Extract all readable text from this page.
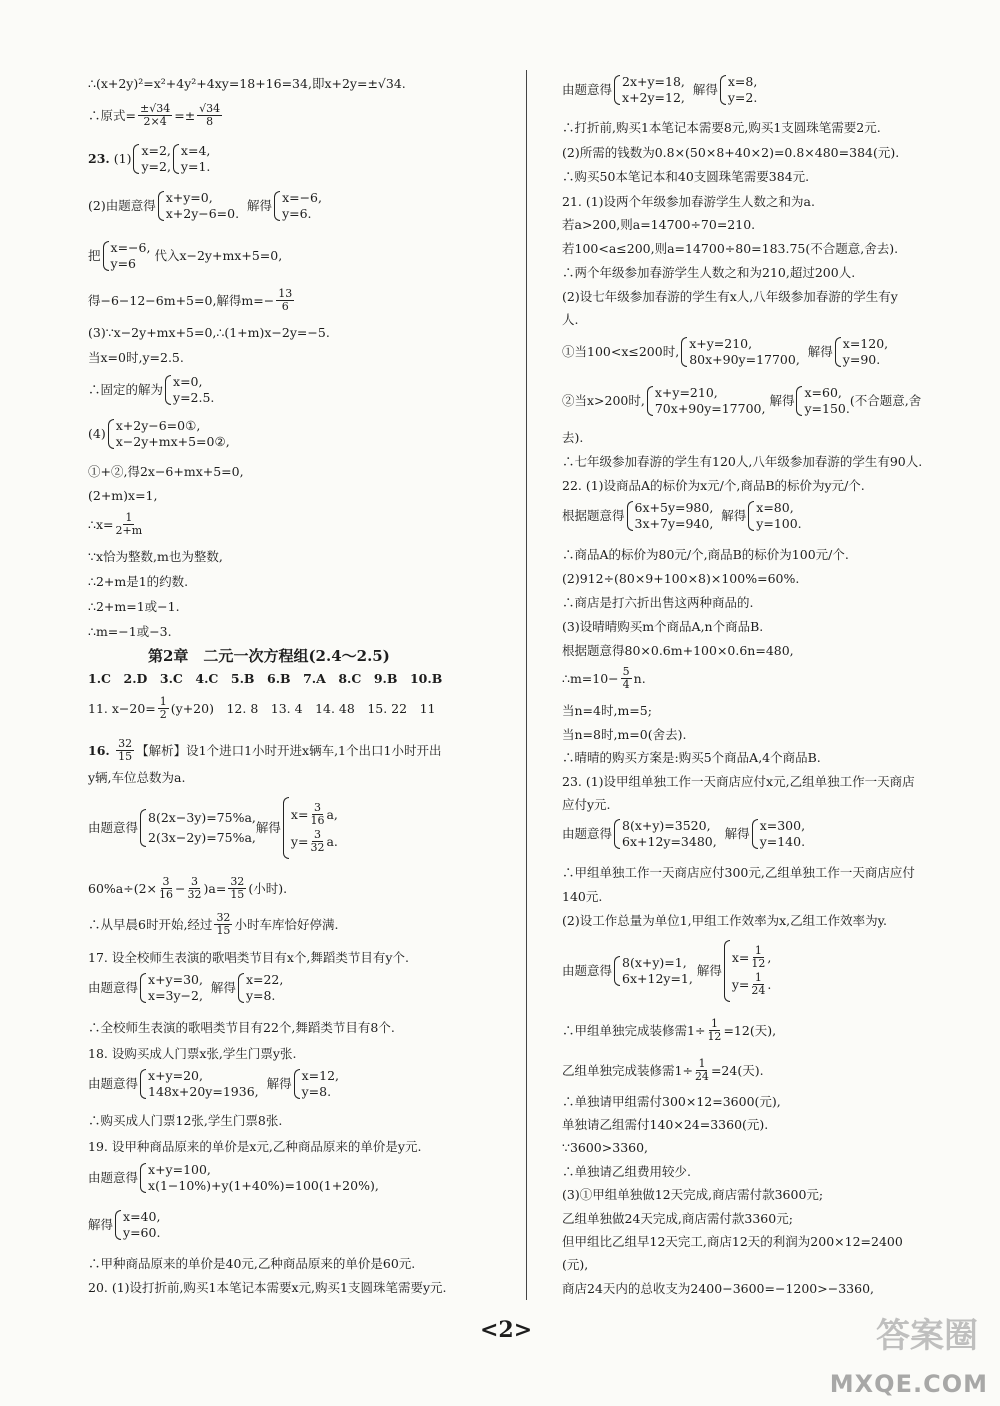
∴(x+2y)²=x²+4y²+4xy=18+16=34,即x+2y=±√34.
∴原式= $\frac{\pm√34}{2\times 4} =\pm \frac{√34}{8}$
23.
(1)
x=2,
y=2,
x=4,
y=1.
(2)由题意得
x+y=0,
x+2y−6=0.

解得
x=−6,
y=6.
把
x=−6,
y=6

代入x−2y+mx+5=0,
得−6−12−6m+5=0,解得$m=- \frac{13}{6}$
(3)∵x−2y+mx+5=0,∴(1+m)x−2y=−5.
当x=0时,y=2.5.
∴固定的解为
x=0,
y=2.5.
(4)
x+2y−6=0①,
x−2y+mx+5=0②,
①+②,得2x−6+mx+5=0,
(2+m)x=1,
∴x= $\frac{1}{2+m}$
∵x恰为整数,m也为整数,
∴2+m是1的约数.
∴2+m=1或−1.
∴m=−1或−3.
第2章　二元一次方程组(2.4～2.5)
1.C　2.D　3.C　4.C　5.B　6.B　7.A　8.C　9.B　10.B
11. $x-20= \frac{1}{2} (y+20)$　12. 8　13. 4　14. 48　15. 22　11
16. $\frac{32}{15}$ 【解析】设1个进口1小时开进x辆车,1个出口1小时开出
y辆,车位总数为a.
由题意得
8(2x−3y)=75%a,
2(3x−2y)=75%a,
解得
$x= \frac{3}{16} a$,
$y= \frac{3}{32} a$.
$60\%a\div(2\times \frac{3}{16} - \frac{3}{32} )a= \frac{32}{15}$ (小时).
∴从早晨6时开始,经过 $\frac{32}{15}$ 小时车库恰好停满.
17. 设全校师生表演的歌唱类节目有x个,舞蹈类节目有y个.
由题意得
x+y=30,
x=3y−2,

解得
x=22,
y=8.
∴全校师生表演的歌唱类节目有22个,舞蹈类节目有8个.
18. 设购买成人门票x张,学生门票y张.
由题意得
x+y=20,
148x+20y=1936,

解得
x=12,
y=8.
∴购买成人门票12张,学生门票8张.
19. 设甲种商品原来的单价是x元,乙种商品原来的单价是y元.
由题意得
x+y=100,
x(1−10%)+y(1+40%)=100(1+20%),
解得
x=40,
y=60.
∴甲种商品原来的单价是40元,乙种商品原来的单价是60元.
20. (1)设打折前,购买1本笔记本需要x元,购买1支圆珠笔需要y元.
由题意得
2x+y=18,
x+2y=12,

解得
x=8,
y=2.
∴打折前,购买1本笔记本需要8元,购买1支圆珠笔需要2元.
(2)所需的钱数为0.8×(50×8+40×2)=0.8×480=384(元).
∴购买50本笔记本和40支圆珠笔需要384元.
21. (1)设两个年级参加春游学生人数之和为a.
若a>200,则a=14700÷70=210.
若100<a≤200,则a=14700÷80=183.75(不合题意,舍去).
∴两个年级参加春游学生人数之和为210,超过200人.
(2)设七年级参加春游的学生有x人,八年级参加春游的学生有y
人.
①当100<x≤200时,
x+y=210,
80x+90y=17700,

解得
x=120,
y=90.
②当x>200时,
x+y=210,
70x+90y=17700,

解得
x=60,
y=150.
(不合题意,舍
去).
∴七年级参加春游的学生有120人,八年级参加春游的学生有90人.
22. (1)设商品A的标价为x元/个,商品B的标价为y元/个.
根据题意得
6x+5y=980,
3x+7y=940,

解得
x=80,
y=100.
∴商品A的标价为80元/个,商品B的标价为100元/个.
(2)912÷(80×9+100×8)×100%=60%.
∴商店是打六折出售这两种商品的.
(3)设晴晴购买m个商品A,n个商品B.
根据题意得80×0.6m+100×0.6n=480,
∴m=10− $\frac{5}{4} n$.
当n=4时,m=5;
当n=8时,m=0(舍去).
∴晴晴的购买方案是:购买5个商品A,4个商品B.
23. (1)设甲组单独工作一天商店应付x元,乙组单独工作一天商店
应付y元.
由题意得
8(x+y)=3520,
6x+12y=3480,

解得
x=300,
y=140.
∴甲组单独工作一天商店应付300元,乙组单独工作一天商店应付
140元.
(2)设工作总量为单位1,甲组工作效率为x,乙组工作效率为y.
由题意得
8(x+y)=1,
6x+12y=1,

解得
$x= \frac{1}{12}$ ,
$y= \frac{1}{24}$ .
∴甲组单独完成装修需$1\div \frac{1}{12} =12$(天),
乙组单独完成装修需$1\div \frac{1}{24} =24$(天).
∴单独请甲组需付300×12=3600(元),
单独请乙组需付140×24=3360(元).
∵3600>3360,
∴单独请乙组费用较少.
(3)①甲组单独做12天完成,商店需付款3600元;
乙组单独做24天完成,商店需付款3360元;
但甲组比乙组早12天完工,商店12天的利润为200×12=2400
(元),
商店24天内的总收支为2400−3600=−1200>−3360,
<2>	答案圈
MXQE.COM
